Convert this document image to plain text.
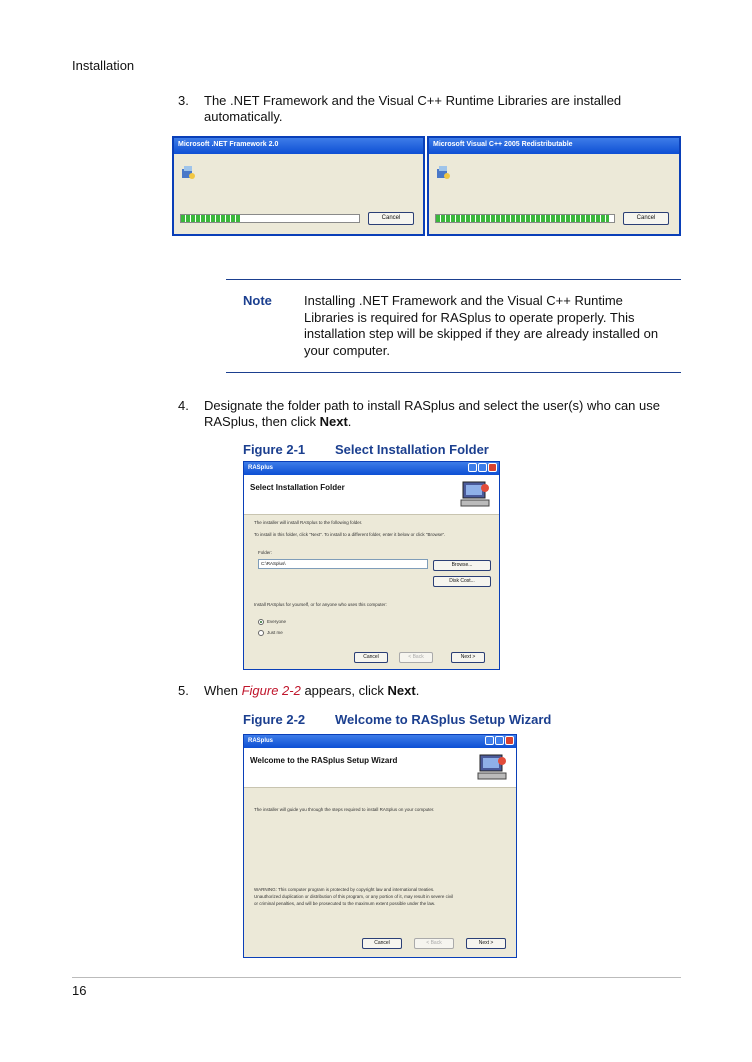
Installation
3. The .NET Framework and the Visual C++ Runtime Libraries are installed automatically.
Microsoft .NET Framework 2.0
Cancel
Microsoft Visual C++ 2005 Redistributable
Cancel
Note Installing .NET Framework and the Visual C++ Runtime Libraries is required for RASplus to operate properly. This installation step will be skipped if they are already installed on your computer.
4. Designate the folder path to install RASplus and select the user(s) who can use RASplus, then click Next.
Figure 2-1 Select Installation Folder
RASplus
Select Installation Folder
The installer will install RASplus to the following folder.
To install in this folder, click "Next". To install to a different folder, enter it below or click "Browse".
Folder:
C:\RASplus\	Browse...
Disk Cost...
Install RASplus for yourself, or for anyone who uses this computer:
Everyone
Just me
Cancel	< Back	Next >
5. When Figure 2-2 appears, click Next.
Figure 2-2 Welcome to RASplus Setup Wizard
RASplus
Welcome to the RASplus Setup Wizard
The installer will guide you through the steps required to install RASplus on your computer.
WARNING: This computer program is protected by copyright law and international treaties.
Unauthorized duplication or distribution of this program, or any portion of it, may result in severe civil
or criminal penalties, and will be prosecuted to the maximum extent possible under the law.
Cancel	< Back	Next >
16
